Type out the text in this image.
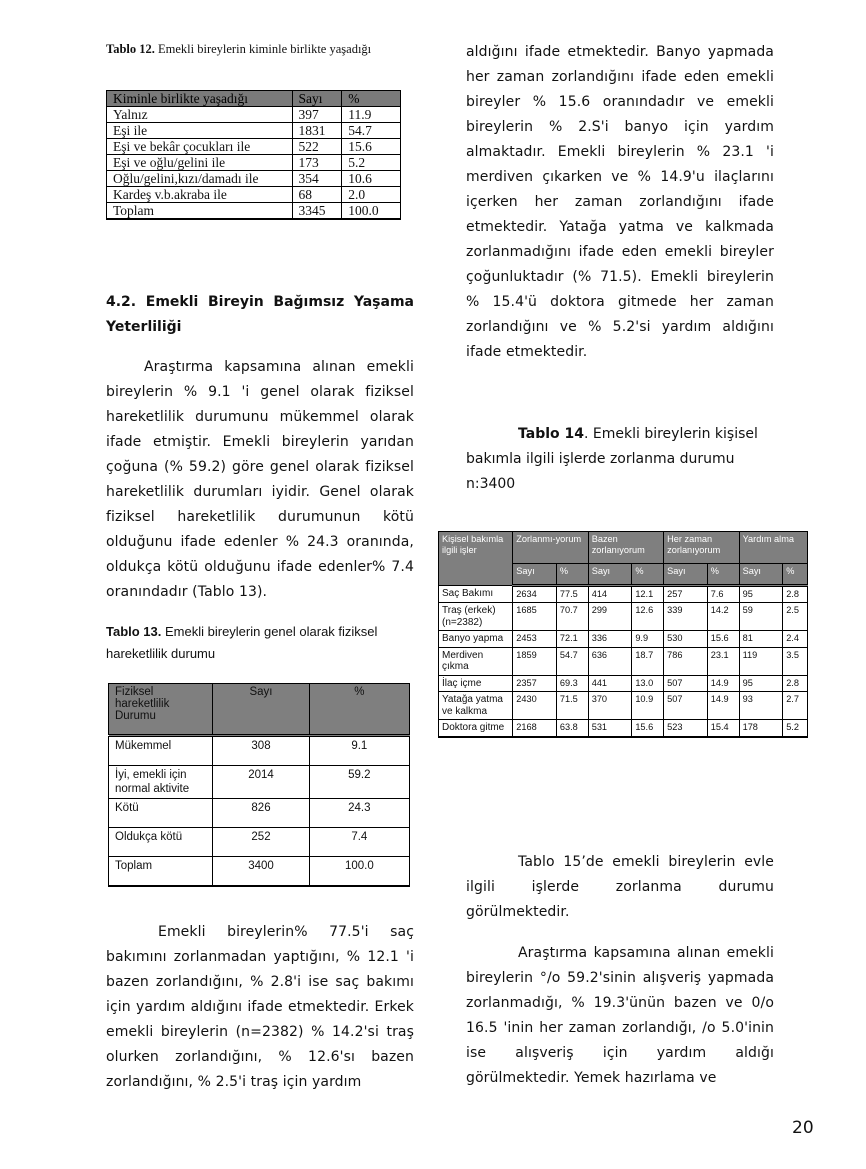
Tablo 12. Emekli bireylerin kiminle birlikte yaşadığı
Kiminle birlikte yaşadığı	Sayı	%
Yalnız	397	11.9
Eşi ile	1831	54.7
Eşi ve bekâr çocukları ile	522	15.6
Eşi ve oğlu/gelini ile	173	5.2
Oğlu/gelini,kızı/damadı ile	354	10.6
Kardeş v.b.akraba ile	68	2.0
Toplam	3345	100.0
4.2. Emekli Bireyin Bağımsız Yaşama Yeterliliği
Araştırma kapsamına alınan emekli bireylerin % 9.1 'i genel olarak fiziksel hareketlilik durumunu mükemmel olarak ifade etmiştir. Emekli bireylerin yarıdan çoğuna (% 59.2) göre genel olarak fiziksel hareketlilik durumları iyidir. Genel olarak fiziksel hareketlilik durumunun kötü olduğunu ifade edenler % 24.3 oranında, oldukça kötü olduğunu ifade edenler% 7.4 oranındadır (Tablo 13).
Tablo 13. Emekli bireylerin genel olarak fiziksel hareketlilik durumu
Fiziksel hareketlilik Durumu	Sayı	%
Mükemmel	308	9.1
İyi, emekli için normal aktivite	2014	59.2
Kötü	826	24.3
Oldukça kötü	252	7.4
Toplam	3400	100.0
Emekli bireylerin% 77.5'i saç bakımını zorlanmadan yaptığını, % 12.1 'i bazen zorlandığını, % 2.8'i ise saç bakımı için yardım aldığını ifade etmektedir. Erkek emekli bireylerin (n=2382) % 14.2'si traş olurken zorlandığını, % 12.6'sı bazen zorlandığını, % 2.5'i traş için yardım
aldığını ifade etmektedir. Banyo yapmada her zaman zorlandığını ifade eden emekli bireyler % 15.6 oranındadır ve emekli bireylerin % 2.S'i banyo için yardım almaktadır. Emekli bireylerin % 23.1 'i merdiven çıkarken ve % 14.9'u ilaçlarını içerken her zaman zorlandığını ifade etmektedir. Yatağa yatma ve kalkmada zorlanmadığını ifade eden emekli bireyler çoğunluktadır (% 71.5). Emekli bireylerin % 15.4'ü doktora gitmede her zaman zorlandığını ve % 5.2'si yardım aldığını ifade etmektedir.
Tablo 14. Emekli bireylerin kişisel bakımla ilgili işlerde zorlanma durumu n:3400
Kişisel bakımla ilgili işler	Zorlanmı-yorum		Bazen zorlanıyorum		Her zaman zorlanıyorum		Yardım alma	
	Sayı	%	Sayı	%	Sayı	%	Sayı	%
Saç Bakımı	2634	77.5	414	12.1	257	7.6	95	2.8
Traş (erkek) (n=2382)	1685	70.7	299	12.6	339	14.2	59	2.5
Banyo yapma	2453	72.1	336	9.9	530	15.6	81	2.4
Merdiven çıkma	1859	54.7	636	18.7	786	23.1	119	3.5
İlaç içme	2357	69.3	441	13.0	507	14.9	95	2.8
Yatağa yatma ve kalkma	2430	71.5	370	10.9	507	14.9	93	2.7
Doktora gitme	2168	63.8	531	15.6	523	15.4	178	5.2
Tablo 15’de emekli bireylerin evle ilgili işlerde zorlanma durumu görülmektedir.
Araştırma kapsamına alınan emekli bireylerin °/o 59.2'sinin alışveriş yapmada zorlanmadığı, % 19.3'ünün bazen ve 0/o 16.5 'inin her zaman zorlandığı, /o 5.0'inin ise alışveriş için yardım aldığı görülmektedir. Yemek hazırlama ve
20
